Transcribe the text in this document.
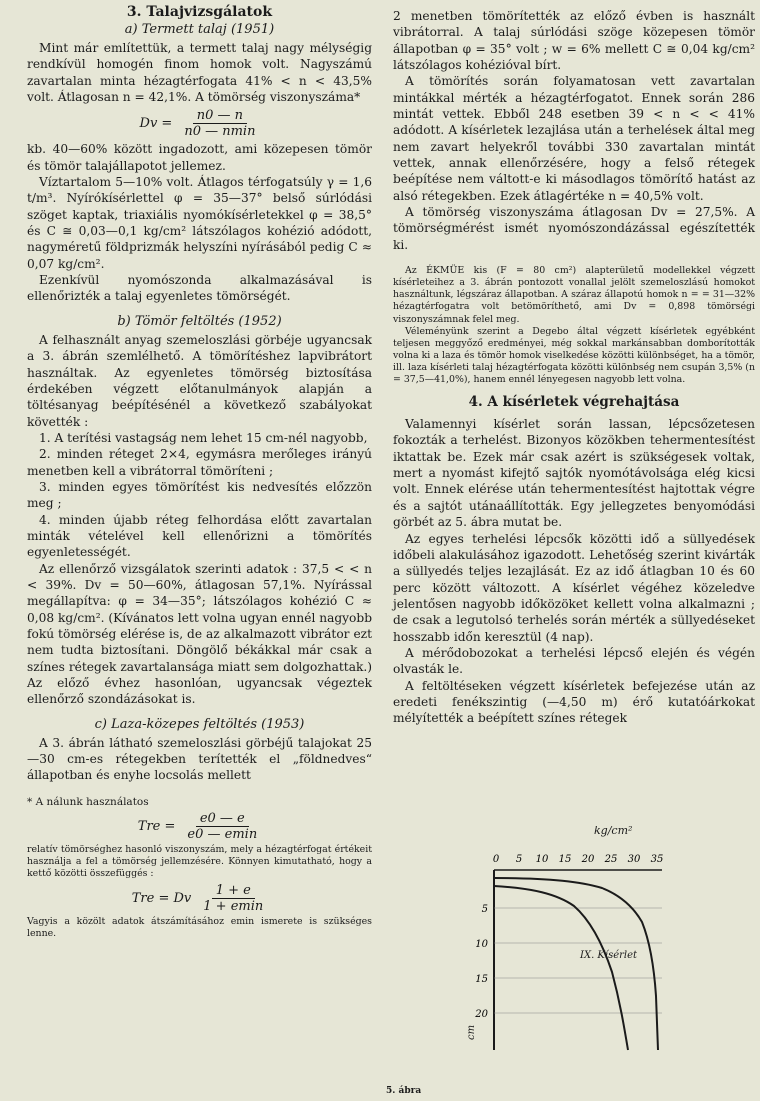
3. Talajvizsgálatok
a) Termett talaj (1951)

Mint már említettük, a termett talaj nagy mélységig rendkívül homogén finom homok volt. Nagyszámú zavartalan minta hézagtérfogata 41% < n < 43,5% volt. Átlagosan n = 42,1%. A tömörség viszonyszáma*

$Dv = \frac{n0 — n}{n0 — nmin}$

kb. 40—60% között ingadozott, ami közepesen tömör és tömör talajállapotot jellemez.

Víztartalom 5—10% volt. Átlagos térfogatsúly γ = 1,6 t/m³. Nyírókísérlettel φ = 35—37° belső súrlódási szöget kaptak, triaxiális nyomókísérletekkel φ = 38,5° és C ≅ 0,03—0,1 kg/cm² látszólagos kohézió adódott, nagyméretű földprizmák helyszíni nyírásából pedig C ≈ 0,07 kg/cm².

Ezenkívül nyomószonda alkalmazásával is ellenőrizték a talaj egyenletes tömörségét.

b) Tömör feltöltés (1952)

A felhasznált anyag szemeloszlási görbéje ugyancsak a 3. ábrán szemlélhető. A tömörítéshez lapvibrátort használtak. Az egyenletes tömörség biztosítása érdekében végzett előtanulmányok alapján a töltésanyag beépítésénél a következő szabályokat követték :

1. A terítési vastagság nem lehet 15 cm-nél nagyobb,

2. minden réteget 2×4, egymásra merőleges irányú menetben kell a vibrátorral tömöríteni ;

3. minden egyes tömörítést kis nedvesítés előzzön meg ;

4. minden újabb réteg felhordása előtt zavartalan minták vételével kell ellenőrizni a tömörítés egyenletességét.

Az ellenőrző vizsgálatok szerinti adatok : 37,5 < < n < 39%. Dv = 50—60%, átlagosan 57,1%. Nyírással megállapítva: φ = 34—35°; látszólagos kohézió C ≈ 0,08 kg/cm². (Kívánatos lett volna ugyan ennél nagyobb fokú tömörség elérése is, de az alkalmazott vibrátor ezt nem tudta biztosítani. Döngölő békákkal már csak a színes rétegek zavartalansága miatt sem dolgozhattak.) Az előző évhez hasonlóan, ugyancsak végeztek ellenőrző szondázásokat is.

c) Laza-közepes feltöltés (1953)

A 3. ábrán látható szemeloszlási görbéjű talajokat 25—30 cm-es rétegekben terítették el „földnedves“ állapotban és enyhe locsolás mellett

* A nálunk használatos

Tre = $\frac{e0 — e}{e0 — emin}$

relatív tömörséghez hasonló viszonyszám, mely a hézagtérfogat értékeit használja a fel a tömörség jellemzésére. Könnyen kimutatható, hogy a kettő közötti összefüggés :

Tre = Dv $\frac{1 + e}{1 + emin}$

Vagyis a közölt adatok átszámításához emin ismerete is szükséges lenne.

2 menetben tömörítették az előző évben is használt vibrátorral. A talaj súrlódási szöge közepesen tömör állapotban φ = 35° volt ; w = 6% mellett C ≅ 0,04 kg/cm² látszólagos kohézióval bírt.

A tömörítés során folyamatosan vett zavartalan mintákkal mérték a hézagtérfogatot. Ennek során 286 mintát vettek. Ebből 248 esetben 39 < n < < 41% adódott. A kísérletek lezajlása után a terhelések által meg nem zavart helyekről további 330 zavartalan mintát vettek, annak ellenőrzésére, hogy a felső rétegek beépítése nem váltott-e ki másodlagos tömörítő hatást az alsó rétegekben. Ezek átlagértéke n = 40,5% volt.

A tömörség viszonyszáma átlagosan Dv = 27,5%. A tömörségmérést ismét nyomószondázással egészítették ki.

Az ÉKMÜE kis (F = 80 cm²) alapterületű modellekkel végzett kísérleteihez a 3. ábrán pontozott vonallal jelölt szemeloszlású homokot használtunk, légszáraz állapotban. A száraz állapotú homok n = = 31—32% hézagtérfogatra volt betömöríthető, ami Dv = 0,898 tömörségi viszonyszámnak felel meg.

Véleményünk szerint a Degebo által végzett kísérletek egyébként teljesen meggyőző eredményei, még sokkal markánsabban domborították volna ki a laza és tömör homok viselkedése közötti különbséget, ha a tömör, ill. laza kísérleti talaj hézagtérfogata közötti különbség nem csupán 3,5% (n = 37,5—41,0%), hanem ennél lényegesen nagyobb lett volna.

4. A kísérletek végrehajtása

Valamennyi kísérlet során lassan, lépcsőzetesen fokozták a terhelést. Bizonyos közökben tehermentesítést iktattak be. Ezek már csak azért is szükségesek voltak, mert a nyomást kifejtő sajtók nyomótávolsága elég kicsi volt. Ennek elérése után tehermentesítést hajtottak végre és a sajtót utánaállították. Egy jellegzetes benyomódási görbét az 5. ábra mutat be.

Az egyes terhelési lépcsők közötti idő a süllyedések időbeli alakulásához igazodott. Lehetőség szerint kivárták a süllyedés teljes lezajlását. Ez az idő átlagban 10 és 60 perc között változott. A kísérlet végéhez közeledve jelentősen nagyobb időközöket kellett volna alkalmazni ; de csak a legutolsó terhelés során mérték a süllyedéseket hosszabb időn keresztül (4 nap).

A mérődobozokat a terhelési lépcső elején és végén olvasták le.

A feltöltéseken végzett kísérletek befejezése után az eredeti fenékszintig (—4,50 m) érő kutatóárkokat mélyítették a beépített színes rétegek

kg/cm²
0 5 10 15 20 25 30 35
5
10
15
20
IX. Kísérlet
cm
5. ábra
